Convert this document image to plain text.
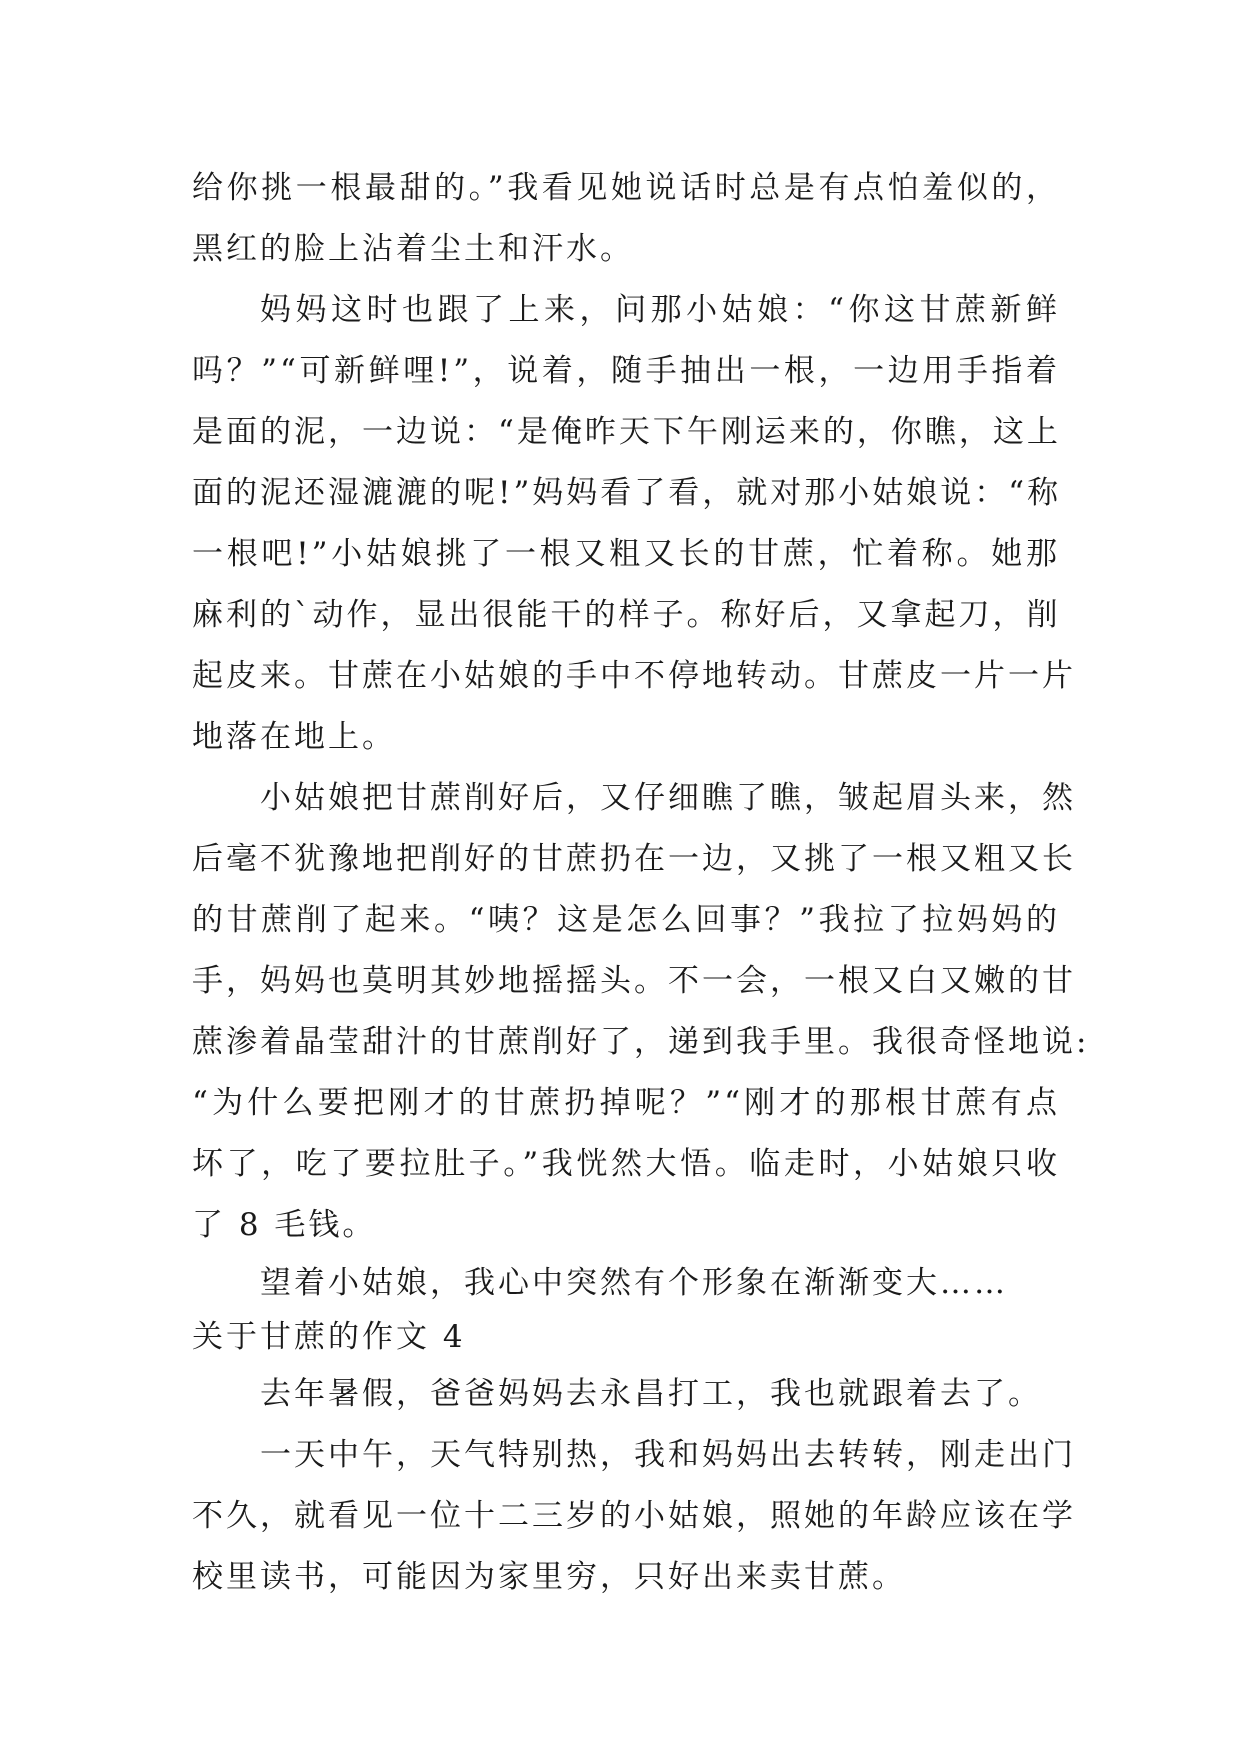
给你挑一根最甜的。”我看见她说话时总是有点怕羞似的，
黑红的脸上沾着尘土和汗水。
妈妈这时也跟了上来，问那小姑娘：“你这甘蔗新鲜
吗？”“可新鲜哩!”，说着，随手抽出一根，一边用手指着
是面的泥，一边说：“是俺昨天下午刚运来的，你瞧，这上
面的泥还湿漉漉的呢!”妈妈看了看，就对那小姑娘说：“称
一根吧!”小姑娘挑了一根又粗又长的甘蔗，忙着称。她那
麻利的`动作，显出很能干的样子。称好后，又拿起刀，削
起皮来。甘蔗在小姑娘的手中不停地转动。甘蔗皮一片一片
地落在地上。
小姑娘把甘蔗削好后，又仔细瞧了瞧，皱起眉头来，然
后毫不犹豫地把削好的甘蔗扔在一边，又挑了一根又粗又长
的甘蔗削了起来。“咦？这是怎么回事？”我拉了拉妈妈的
手，妈妈也莫明其妙地摇摇头。不一会，一根又白又嫩的甘
蔗渗着晶莹甜汁的甘蔗削好了，递到我手里。我很奇怪地说:
“为什么要把刚才的甘蔗扔掉呢？”“刚才的那根甘蔗有点
坏了，吃了要拉肚子。”我恍然大悟。临走时，小姑娘只收
了 8 毛钱。
望着小姑娘，我心中突然有个形象在渐渐变大……
关于甘蔗的作文 4
去年暑假，爸爸妈妈去永昌打工，我也就跟着去了。
一天中午，天气特别热，我和妈妈出去转转，刚走出门
不久，就看见一位十二三岁的小姑娘，照她的年龄应该在学
校里读书，可能因为家里穷，只好出来卖甘蔗。
